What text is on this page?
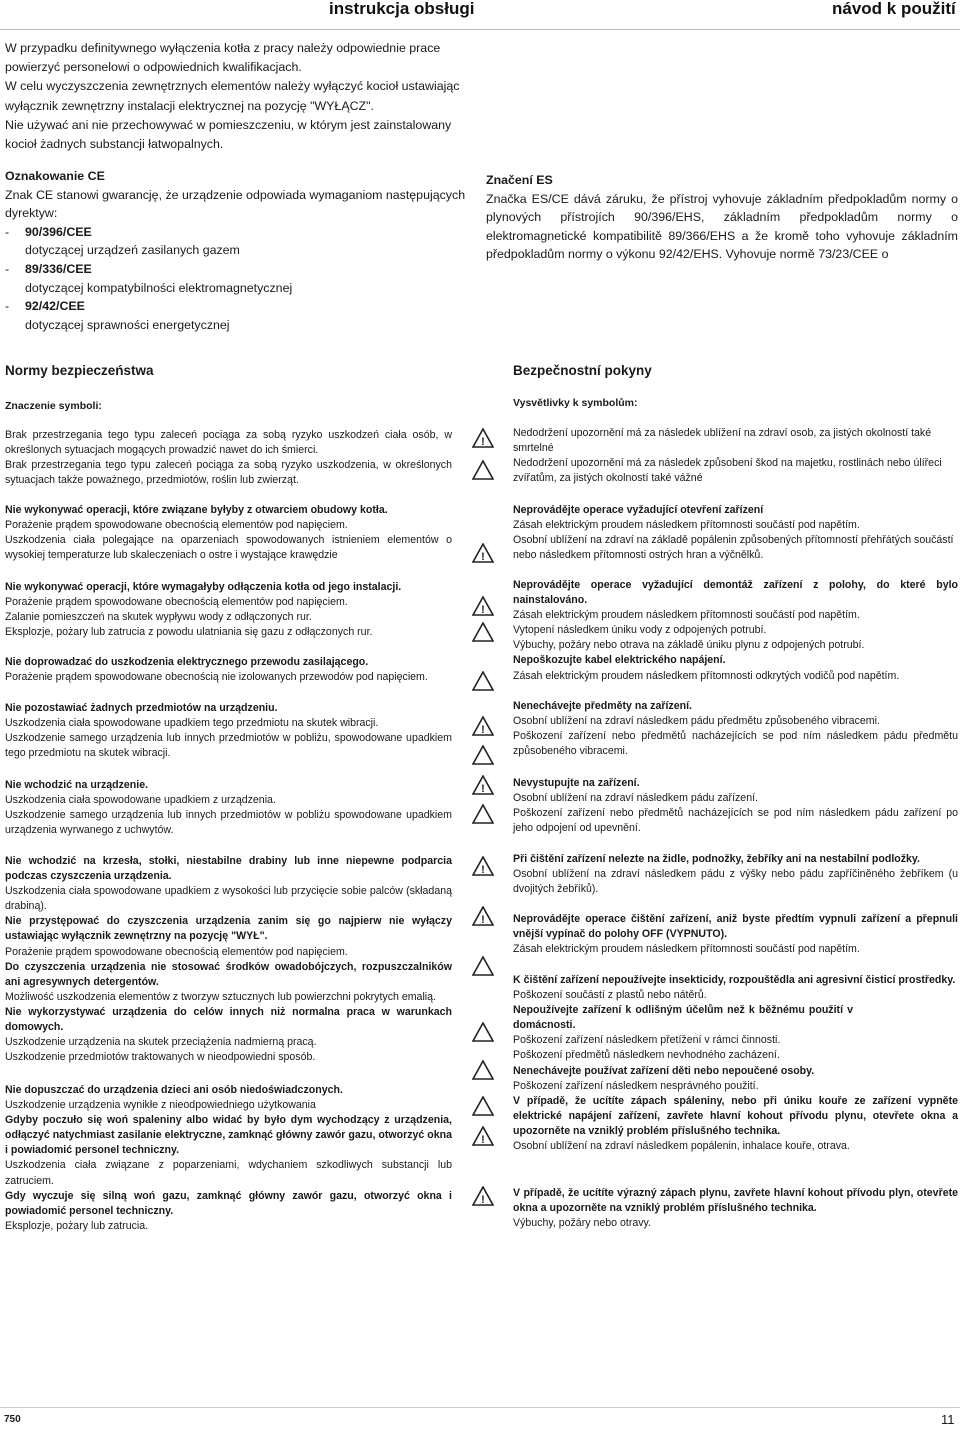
instrukcja obsługi	návod k použití

W przypadku definitywnego wyłączenia kotła z pracy należy odpowiednie prace powierzyć personelowi o odpowiednich kwalifikacjach.

W celu wyczyszczenia zewnętrznych elementów należy wyłączyć kocioł ustawiając wyłącznik zewnętrzny instalacji elektrycznej na pozycję "WYŁĄCZ".

Nie używać ani nie przechowywać w pomieszczeniu, w którym jest zainstalowany kocioł żadnych substancji łatwopalnych.

Oznakowanie CE
Znak CE stanowi gwarancję, że urządzenie odpowiada wymaganiom następujących dyrektyw:
-	90/396/CEE
dotyczącej urządzeń zasilanych gazem
-	89/336/CEE
dotyczącej kompatybilności elektromagnetycznej
-	92/42/CEE
dotyczącej sprawności energetycznej
Značení ES
Značka ES/CE dává záruku, že přístroj vyhovuje základním předpokladům normy o plynových přístrojích 90/396/EHS, základním předpokladům normy o elektromagnetické kompatibilitě 89/366/EHS a že kromě toho vyhovuje základním předpokladům normy o výkonu 92/42/EHS. Vyhovuje normě 73/23/CEE o
Normy bezpieczeństwa	Bezpečnostní pokyny
Znaczenie symboli:	Vysvětlivky k symbolům:

Brak przestrzegania tego typu zaleceń pociąga za sobą ryzyko uszkodzeń ciała osób, w określonych sytuacjach mogących prowadzić nawet do ich śmierci.

Brak przestrzegania tego typu zaleceń pociąga za sobą ryzyko uszkodzenia, w określonych sytuacjach także poważnego, przedmiotów, roślin lub zwierząt.

Nie wykonywać operacji, które związane byłyby z otwarciem obudowy kotła.

Porażenie prądem spowodowane obecnością elementów pod napięciem.

Uszkodzenia ciała polegające na oparzeniach spowodowanych istnieniem elementów o wysokiej temperaturze lub skaleczeniach o ostre i wystające krawędzie

Nie wykonywać operacji, które wymagałyby odłączenia kotła od jego instalacji.

Porażenie prądem spowodowane obecnością elementów pod napięciem.

Zalanie pomieszczeń na skutek wypływu wody z odłączonych rur.

Eksplozje, pożary lub zatrucia z powodu ulatniania się gazu z odłączonych rur.

Nie doprowadzać do uszkodzenia elektrycznego przewodu zasilającego.

Porażenie prądem spowodowane obecnością nie izolowanych przewodów pod napięciem.

Nie pozostawiać żadnych przedmiotów na urządzeniu.

Uszkodzenia ciała spowodowane upadkiem tego przedmiotu na skutek wibracji.

Uszkodzenie samego urządzenia lub innych przedmiotów w pobliżu, spowodowane upadkiem tego przedmiotu na skutek wibracji.

Nie wchodzić na urządzenie.

Uszkodzenia ciała spowodowane upadkiem z urządzenia.

Uszkodzenie samego urządzenia lub innych przedmiotów w pobliżu spowodowane upadkiem urządzenia wyrwanego z uchwytów.

Nie wchodzić na krzesła, stołki, niestabilne drabiny lub inne niepewne podparcia podczas czyszczenia urządzenia.

Uszkodzenia ciała spowodowane upadkiem z wysokości lub przycięcie sobie palców (składaną drabiną).

Nie przystępować do czyszczenia urządzenia zanim się go najpierw nie wyłączy ustawiając wyłącznik zewnętrzny na pozycję "WYŁ".

Porażenie prądem spowodowane obecnością elementów pod napięciem.

Do czyszczenia urządzenia nie stosować środków owadobójczych, rozpuszczalników ani agresywnych detergentów.

Możliwość uszkodzenia elementów z tworzyw sztucznych lub powierzchni pokrytych emalią.

Nie wykorzystywać urządzenia do celów innych niż normalna praca w warunkach domowych.

Uszkodzenie urządzenia na skutek przeciążenia nadmierną pracą.

Uszkodzenie przedmiotów traktowanych w nieodpowiedni sposób.

Nie dopuszczać do urządzenia dzieci ani osób niedoświadczonych.

Uszkodzenie urządzenia wynikłe z nieodpowiedniego użytkowania

Gdyby poczuło się woń spaleniny albo widać by było dym wychodzący z urządzenia, odłączyć natychmiast zasilanie elektryczne, zamknąć główny zawór gazu, otworzyć okna i powiadomić personel techniczny.

Uszkodzenia ciała związane z poparzeniami, wdychaniem szkodliwych substancji lub zatruciem.

Gdy wyczuje się silną woń gazu, zamknąć główny zawór gazu, otworzyć okna i powiadomić personel techniczny.

Eksplozje, pożary lub zatrucia.

Nedodržení upozornění má za následek ublížení na zdraví osob, za jistých okolností také smrtelné

Nedodržení upozornění má za následek způsobení škod na majetku, rostlinách nebo úlířeci zvířatům, za jistých okolností také vážné

Neprovádějte operace vyžadující otevření zařízení

Zásah elektrickým proudem následkem přítomnosti součástí pod napětím.

Osobní ublížení na zdraví na základě popálenin způsobených přítomností přehřátých součástí nebo následkem přítomnosti ostrých hran a výčnělků.

Neprovádějte operace vyžadující demontáž zařízení z polohy, do které bylo nainstalováno.

Zásah elektrickým proudem následkem přítomnosti součástí pod napětím.

Vytopení následkem úniku vody z odpojených potrubí.

Výbuchy, požáry nebo otrava na základě úniku plynu z odpojených potrubí.

Nepoškozujte kabel elektrického napájení.

Zásah elektrickým proudem následkem přítomnosti odkrytých vodičů pod napětím.

Nenechávejte předměty na zařízení.

Osobní ublížení na zdraví následkem pádu předmětu způsobeného vibracemi.

Poškození zařízení nebo předmětů nacházejících se pod ním následkem pádu předmětu způsobeného vibracemi.

Nevystupujte na zařízení.

Osobní ublížení na zdraví následkem pádu zařízení.

Poškození zařízení nebo předmětů nacházejících se pod ním následkem pádu zařízení po jeho odpojení od upevnění.

Při čištění zařízení nelezte na židle, podnožky, žebříky ani na nestabilní podložky.

Osobní ublížení na zdraví následkem pádu z výšky nebo pádu zapříčiněného žebříkem (u dvojitých žebříků).

Neprovádějte operace čištění zařízení, aniž byste předtím vypnuli zařízení a přepnuli vnější vypínač do polohy OFF (VYPNUTO).

Zásah elektrickým proudem následkem přítomnosti součástí pod napětím.

K čištění zařízení nepoužívejte insekticidy, rozpouštědla ani agresivní čisticí prostředky.

Poškození součástí z plastů nebo nátěrů.

Nepoužívejte zařízení k odlišným účelům než k běžnému použití v domácnosti.

Poškození zařízení následkem přetížení v rámci činnosti.

Poškození předmětů následkem nevhodného zacházení.

Nenechávejte používat zařízení děti nebo nepoučené osoby.

Poškození zařízení následkem nesprávného použití.

V případě, že ucítíte zápach spáleniny, nebo při úniku kouře ze zařízení vypněte elektrické napájení zařízení, zavřete hlavní kohout přívodu plynu, otevřete okna a upozorněte na vzniklý problém příslušného technika.

Osobní ublížení na zdraví následkem popálenin, inhalace kouře, otrava.

V případě, že ucítíte výrazný zápach plynu, zavřete hlavní kohout přívodu plyn, otevřete okna a upozorněte na vzniklý problém příslušného technika.

Výbuchy, požáry nebo otravy.

!
!
!
!
!
!
!
!
!
750	11
